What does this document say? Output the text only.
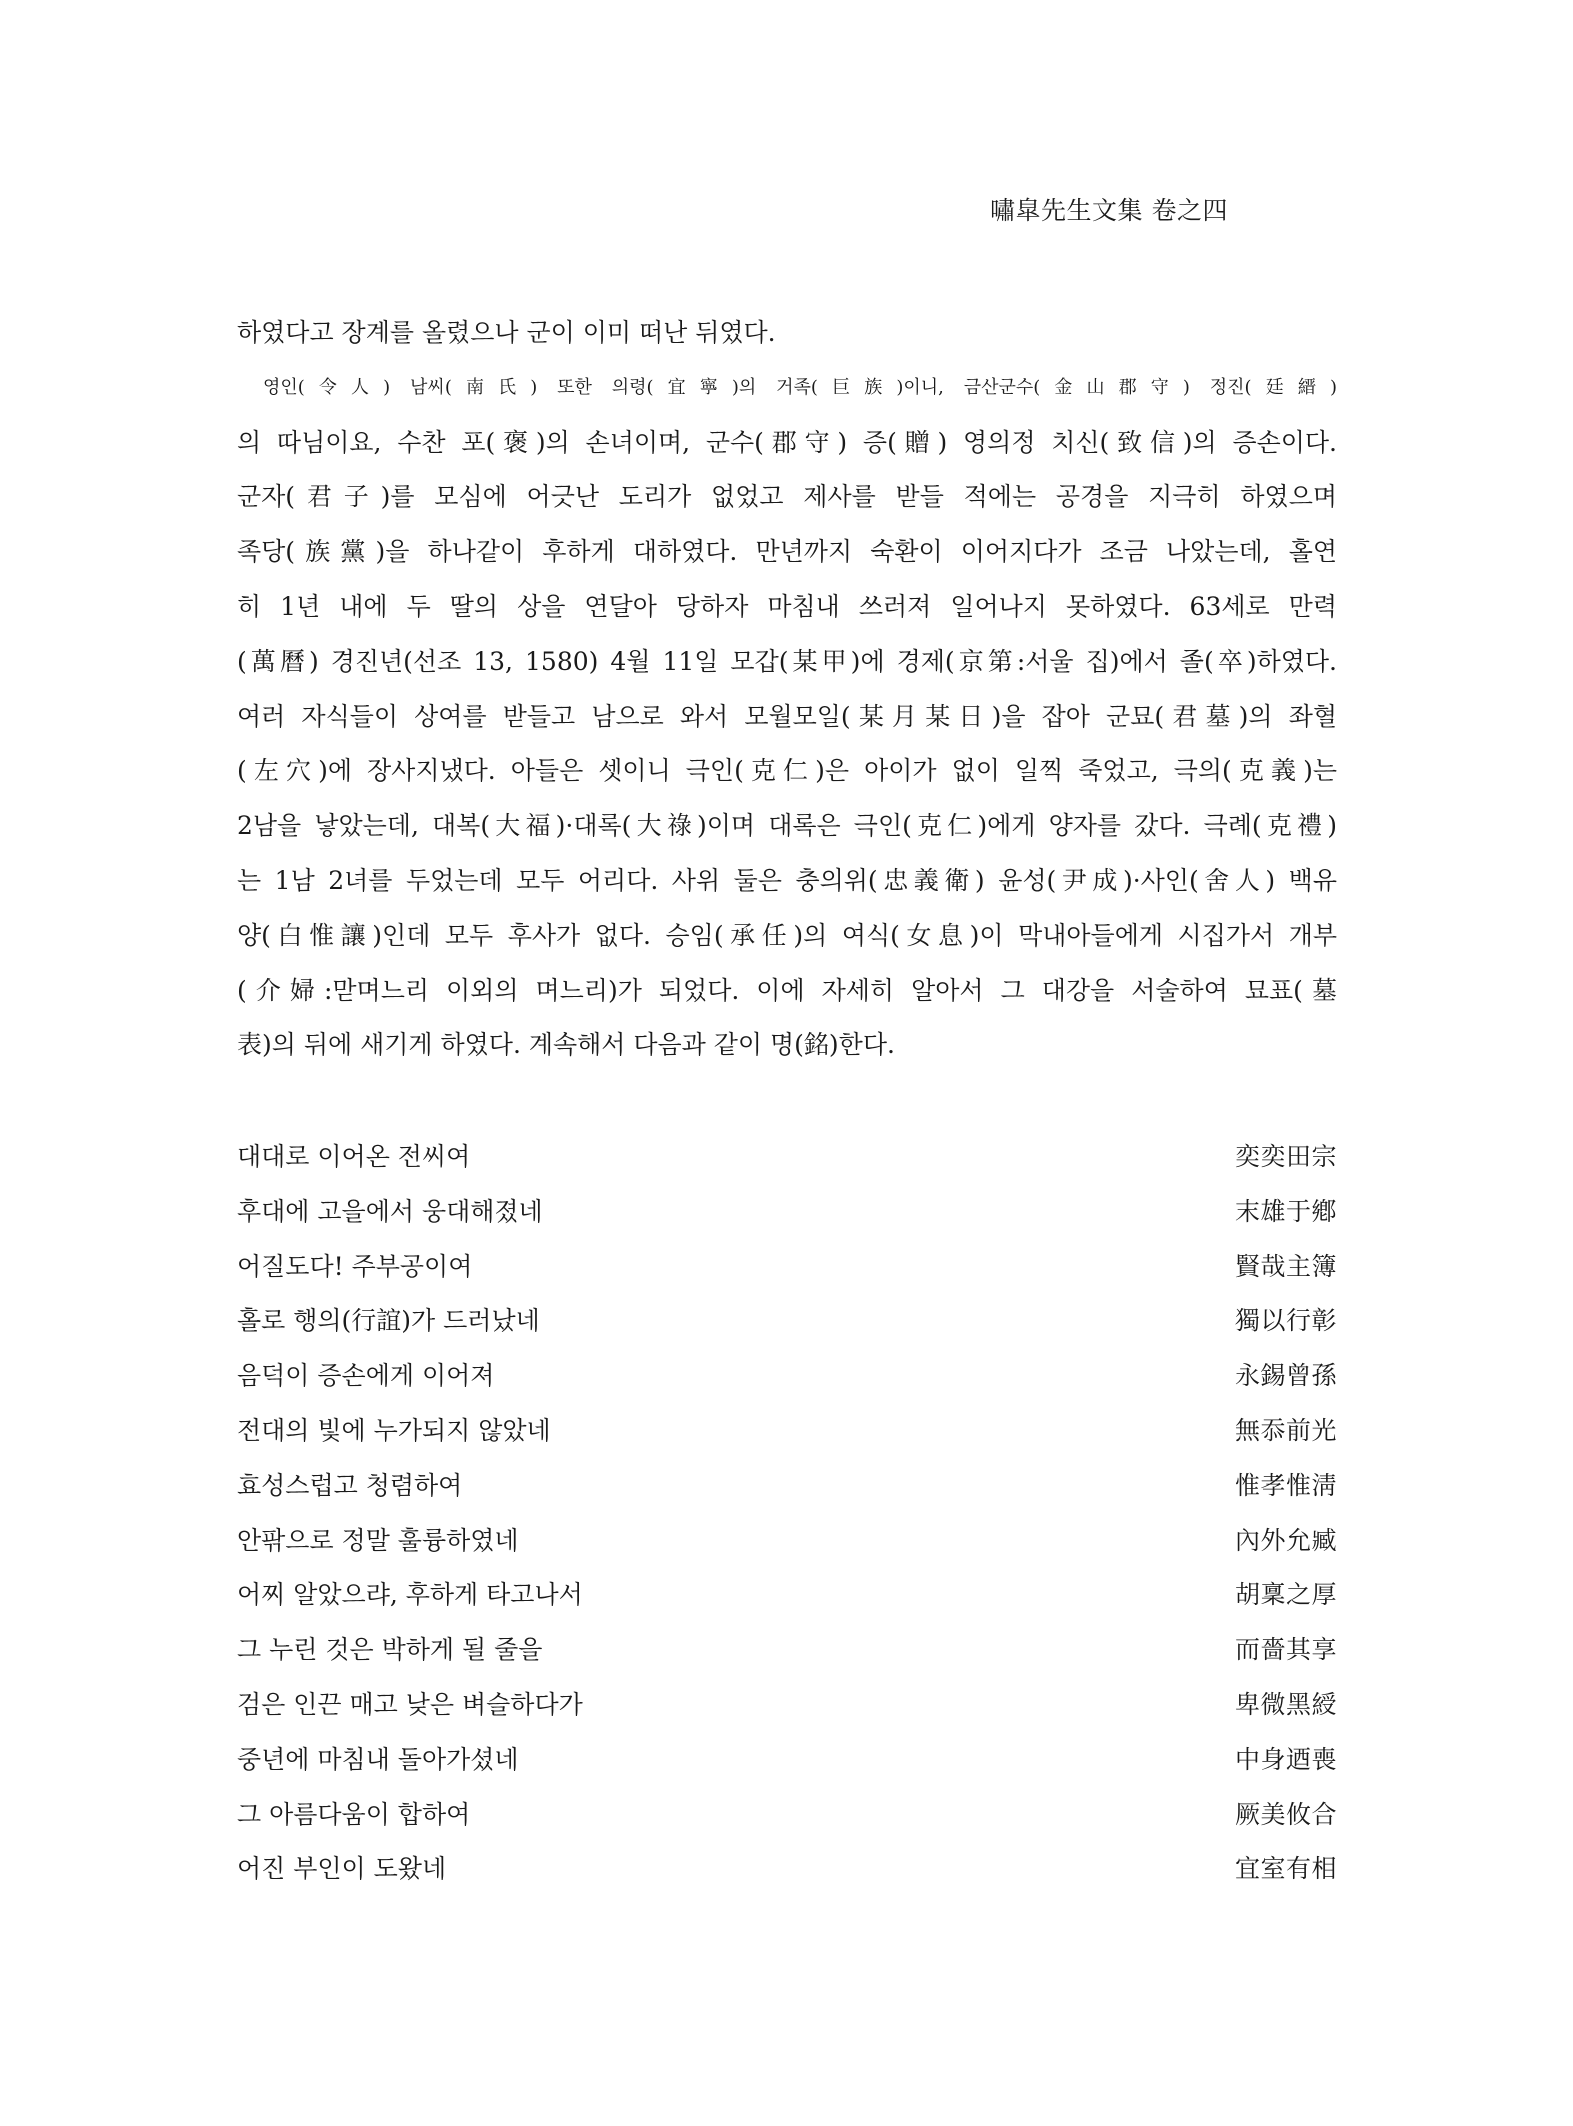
嘯皐先生文集 卷之四

하였다고 장계를 올렸으나 군이 이미 떠난 뒤였다.

영인(令人) 남씨(南氏) 또한 의령(宜寧)의 거족(巨族)이니, 금산군수(金山郡守) 정진(廷縉)
의 따님이요, 수찬 포(褒)의 손녀이며, 군수(郡守) 증(贈) 영의정 치신(致信)의 증손이다.
군자(君子)를 모심에 어긋난 도리가 없었고 제사를 받들 적에는 공경을 지극히 하였으며
족당(族黨)을 하나같이 후하게 대하였다. 만년까지 숙환이 이어지다가 조금 나았는데, 홀연
히 1년 내에 두 딸의 상을 연달아 당하자 마침내 쓰러져 일어나지 못하였다. 63세로 만력
(萬曆) 경진년(선조 13, 1580) 4월 11일 모갑(某甲)에 경제(京第:서울 집)에서 졸(卒)하였다.
여러 자식들이 상여를 받들고 남으로 와서 모월모일(某月某日)을 잡아 군묘(君墓)의 좌혈
(左穴)에 장사지냈다. 아들은 셋이니 극인(克仁)은 아이가 없이 일찍 죽었고, 극의(克義)는
2남을 낳았는데, 대복(大福)·대록(大祿)이며 대록은 극인(克仁)에게 양자를 갔다. 극례(克禮)
는 1남 2녀를 두었는데 모두 어리다. 사위 둘은 충의위(忠義衛) 윤성(尹成)·사인(舍人) 백유
양(白惟讓)인데 모두 후사가 없다. 승임(承任)의 여식(女息)이 막내아들에게 시집가서 개부
(介婦:맏며느리 이외의 며느리)가 되었다. 이에 자세히 알아서 그 대강을 서술하여 묘표(墓
表)의 뒤에 새기게 하였다. 계속해서 다음과 같이 명(銘)한다.

대대로 이어온 전씨여	奕奕田宗
후대에 고을에서 웅대해졌네	末雄于鄕
어질도다! 주부공이여	賢哉主簿
홀로 행의(行誼)가 드러났네	獨以行彰
음덕이 증손에게 이어져	永錫曾孫
전대의 빛에 누가되지 않았네	無忝前光
효성스럽고 청렴하여	惟孝惟淸
안팎으로 정말 훌륭하였네	內外允臧
어찌 알았으랴, 후하게 타고나서	胡稟之厚
그 누린 것은 박하게 될 줄을	而嗇其享
검은 인끈 매고 낮은 벼슬하다가	卑微黑綬
중년에 마침내 돌아가셨네	中身迺喪
그 아름다움이 합하여	厥美攸合
어진 부인이 도왔네	宜室有相
